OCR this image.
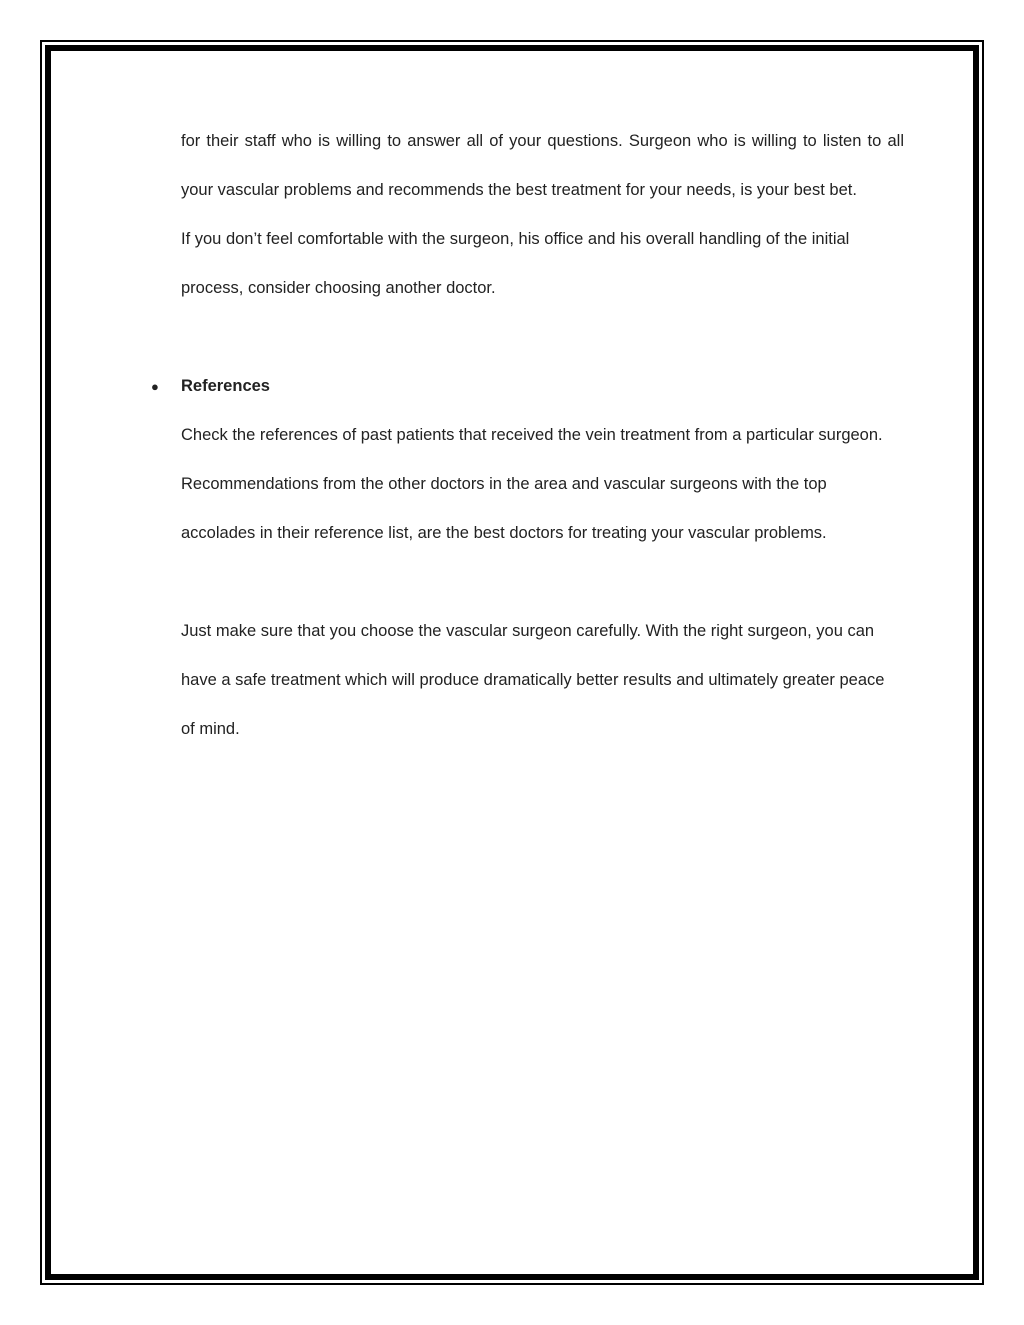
for their staff who is willing to answer all of your questions. Surgeon who is willing to listen to all your vascular problems and recommends the best treatment for your needs, is your best bet.

If you don’t feel comfortable with the surgeon, his office and his overall handling of the initial process, consider choosing another doctor.

● References

Check the references of past patients that received the vein treatment from a particular surgeon. Recommendations from the other doctors in the area and vascular surgeons with the top accolades in their reference list, are the best doctors for treating your vascular problems.

Just make sure that you choose the vascular surgeon carefully. With the right surgeon, you can have a safe treatment which will produce dramatically better results and ultimately greater peace of mind.
